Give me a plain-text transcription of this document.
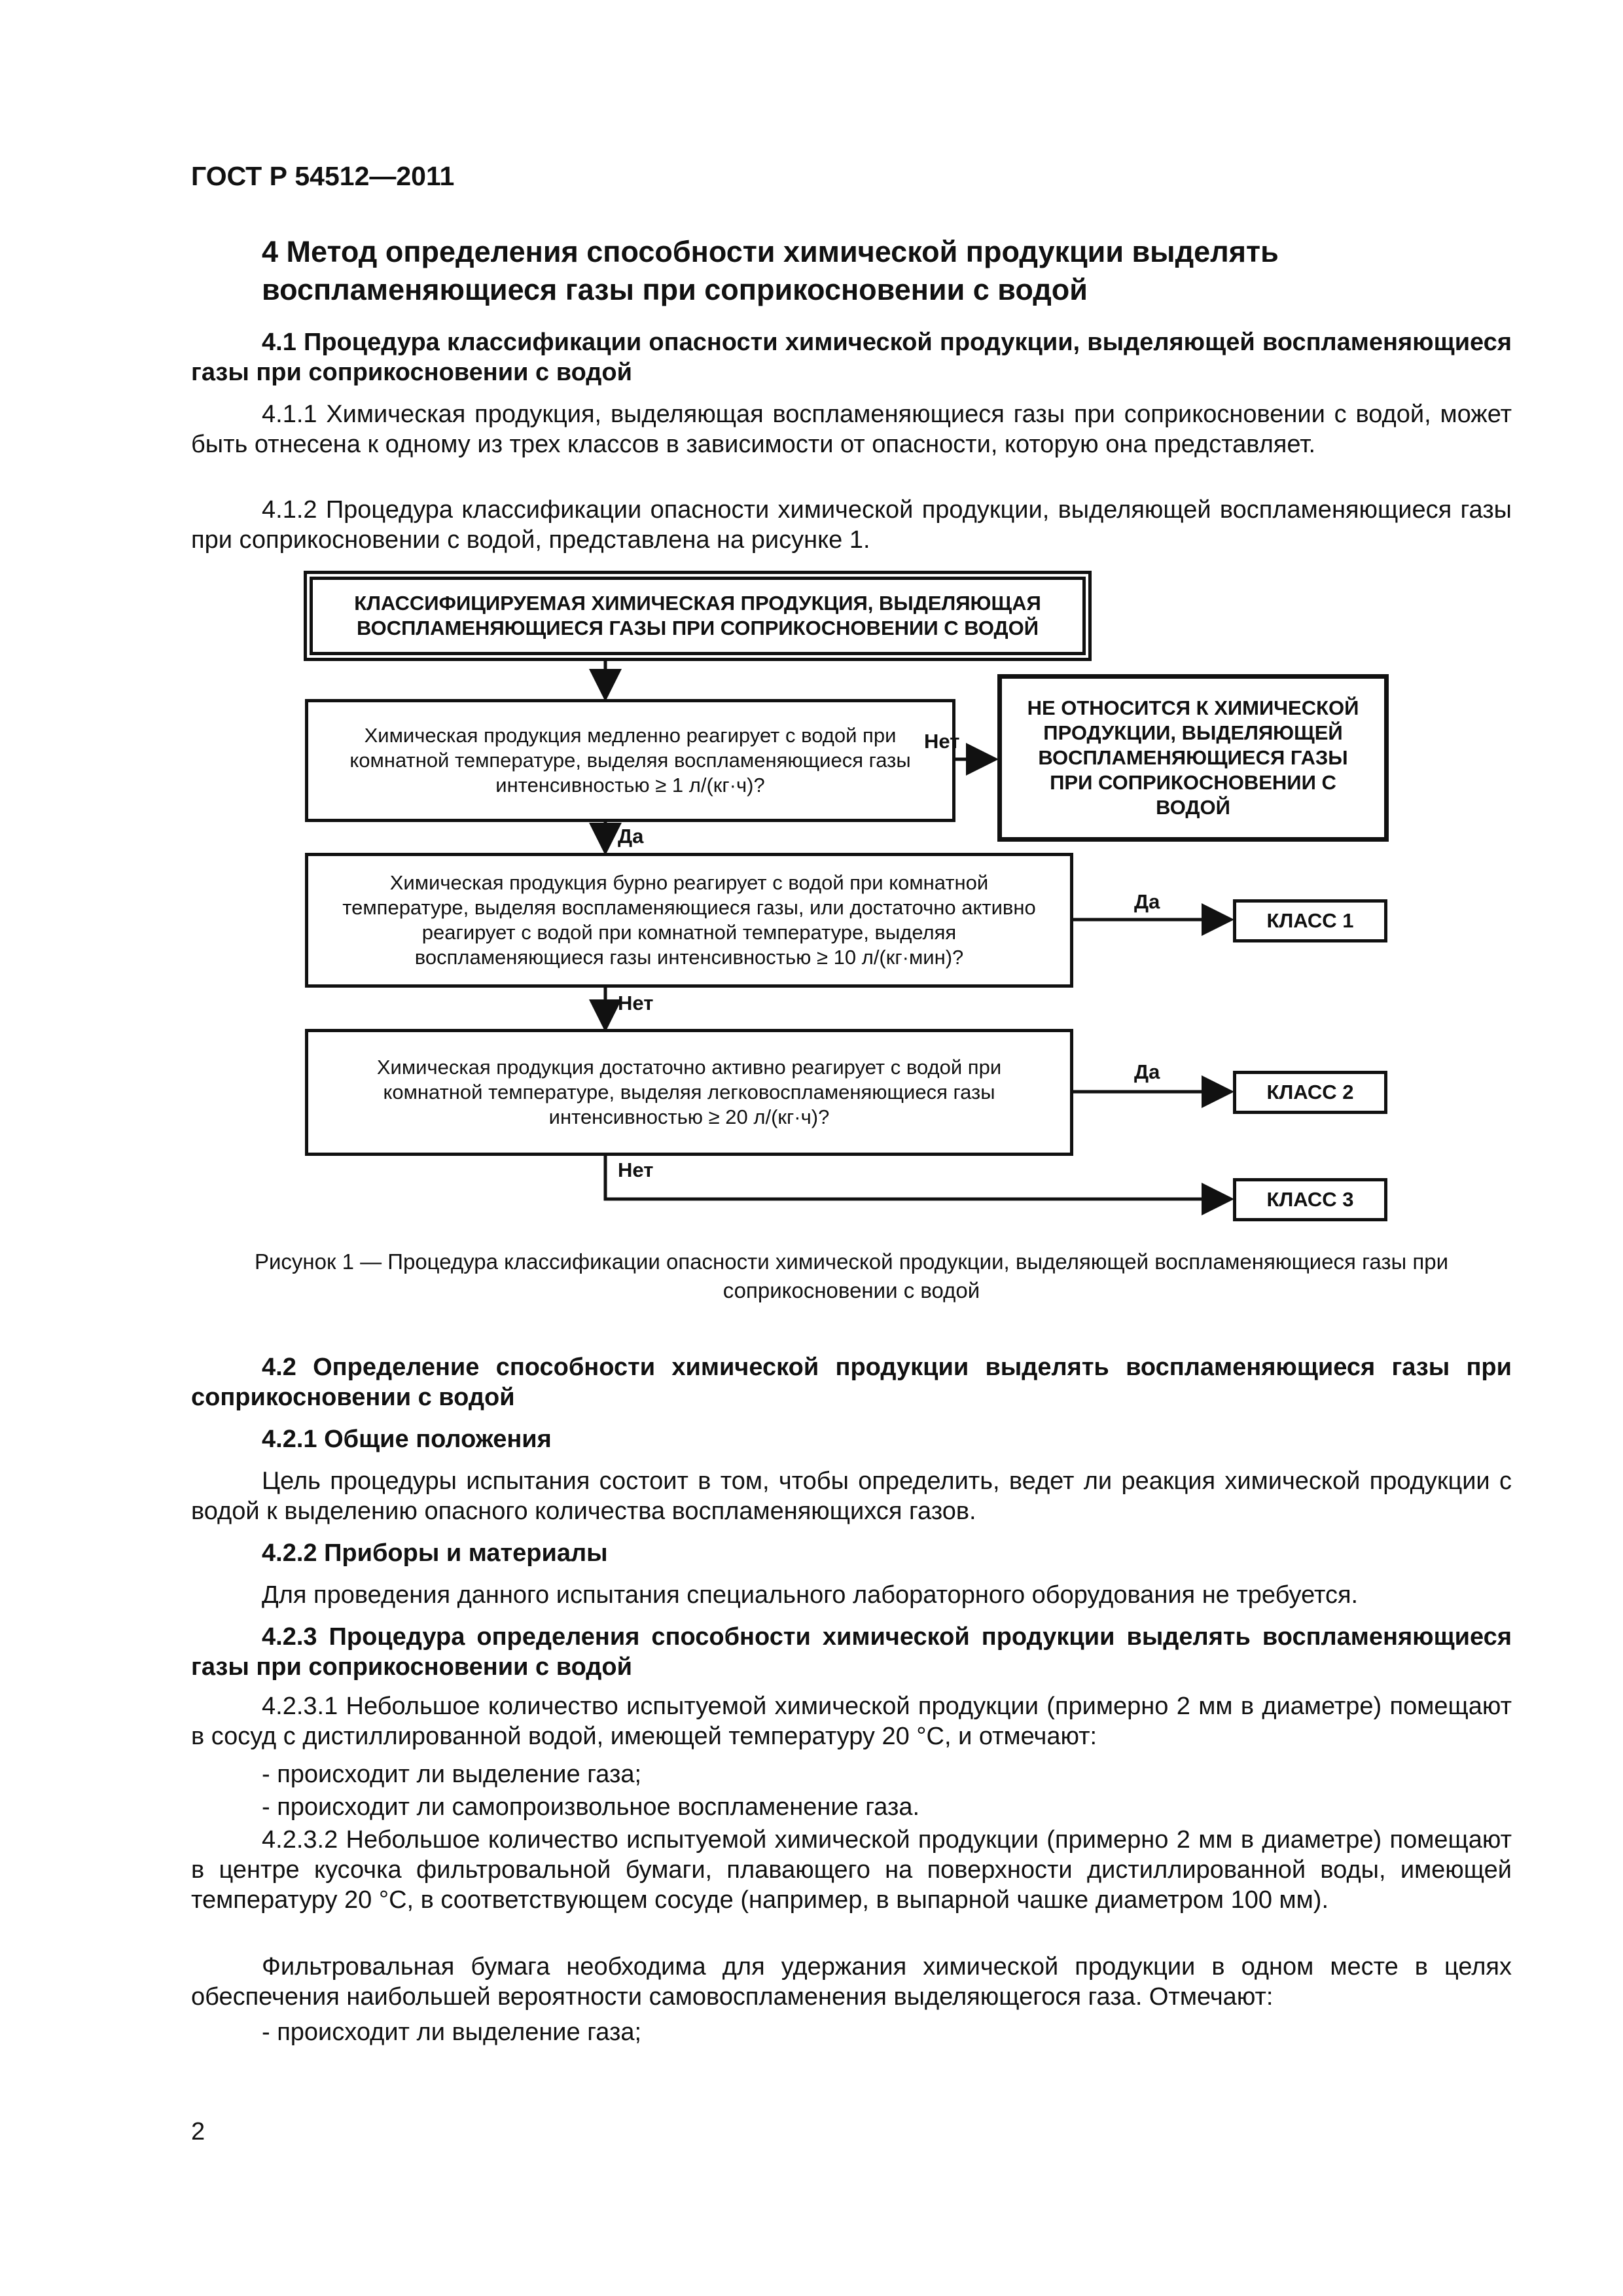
ГОСТ Р 54512—2011
4 Метод определения способности химической продукции выделять воспламеняющиеся газы при соприкосновении с водой
4.1 Процедура классификации опасности химической продукции, выделяющей воспламеняющиеся газы при соприкосновении с водой
4.1.1 Химическая продукция, выделяющая воспламеняющиеся газы при соприкосновении с водой, может быть отнесена к одному из трех классов в зависимости от опасности, которую она представляет.
4.1.2 Процедура классификации опасности химической продукции, выделяющей воспламеняющиеся газы при соприкосновении с водой, представлена на рисунке 1.
КЛАССИФИЦИРУЕМАЯ ХИМИЧЕСКАЯ ПРОДУКЦИЯ, ВЫДЕЛЯЮЩАЯ ВОСПЛАМЕНЯЮЩИЕСЯ ГАЗЫ ПРИ СОПРИКОСНОВЕНИИ С ВОДОЙ
Химическая продукция медленно реагирует с водой при комнатной температуре, выделяя воспламеняющиеся газы интенсивностью ≥ 1 л/(кг·ч)?
Нет
НЕ ОТНОСИТСЯ К ХИМИЧЕСКОЙ ПРОДУКЦИИ, ВЫДЕЛЯЮЩЕЙ ВОСПЛАМЕНЯЮЩИЕСЯ ГАЗЫ ПРИ СОПРИКОСНОВЕНИИ С ВОДОЙ
Да
Химическая продукция бурно реагирует с водой при комнатной температуре, выделяя воспламеняющиеся газы, или достаточно активно реагирует с водой при комнатной температуре, выделяя воспламеняющиеся газы интенсивностью ≥ 10 л/(кг·мин)?
Да
КЛАСС 1
Нет
Химическая продукция достаточно активно реагирует с водой при комнатной температуре, выделяя легковоспламеняющиеся газы интенсивностью ≥ 20 л/(кг·ч)?
Да
КЛАСС 2
Нет
КЛАСС 3
Рисунок 1 — Процедура классификации опасности химической продукции, выделяющей воспламеняющиеся газы при соприкосновении с водой
4.2 Определение способности химической продукции выделять воспламеняющиеся газы при соприкосновении с водой
4.2.1 Общие положения
Цель процедуры испытания состоит в том, чтобы определить, ведет ли реакция химической продукции с водой к выделению опасного количества воспламеняющихся газов.
4.2.2 Приборы и материалы
Для проведения данного испытания специального лабораторного оборудования не требуется.
4.2.3 Процедура определения способности химической продукции выделять воспламеняющиеся газы при соприкосновении с водой
4.2.3.1 Небольшое количество испытуемой химической продукции (примерно 2 мм в диаметре) помещают в сосуд с дистиллированной водой, имеющей температуру 20 °С, и отмечают:
- происходит ли выделение газа;
- происходит ли самопроизвольное воспламенение газа.
4.2.3.2 Небольшое количество испытуемой химической продукции (примерно 2 мм в диаметре) помещают в центре кусочка фильтровальной бумаги, плавающего на поверхности дистиллированной воды, имеющей температуру 20 °С, в соответствующем сосуде (например, в выпарной чашке диаметром 100 мм).
Фильтровальная бумага необходима для удержания химической продукции в одном месте в целях обеспечения наибольшей вероятности самовоспламенения выделяющегося газа. Отмечают:
- происходит ли выделение газа;
2
